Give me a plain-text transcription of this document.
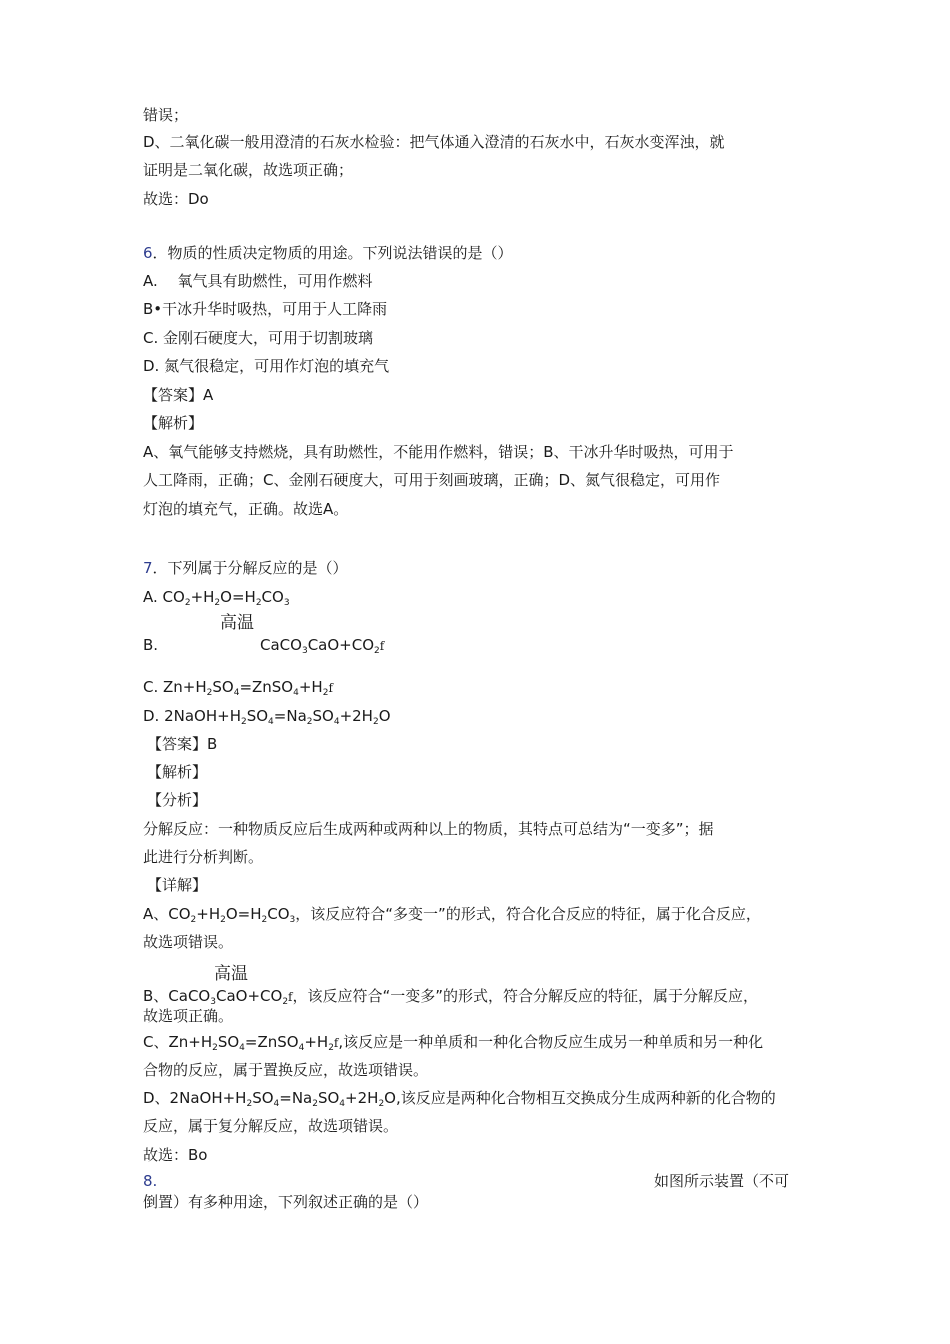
错误；
D、二氧化碳一般用澄清的石灰水检验：把气体通入澄清的石灰水中，石灰水变浑浊，就
证明是二氧化碳，故选项正确；
故选：Do
6．物质的性质决定物质的用途。下列说法错误的是（）
A.　 氧气具有助燃性，可用作燃料
B•干冰升华时吸热，可用于人工降雨
C. 金刚石硬度大，可用于切割玻璃
D. 氮气很稳定，可用作灯泡的填充气
【答案】A
【解析】
A、氧气能够支持燃烧，具有助燃性，不能用作燃料，错误；B、干冰升华时吸热，可用于
人工降雨，正确；C、金刚石硬度大，可用于刻画玻璃，正确；D、氮气很稳定，可用作
灯泡的填充气，正确。故选A。
7．下列属于分解反应的是（）
A. $CO_2+H_2O=H_2CO_3$
高温
B.	$CaCO_3CaO+CO_2f$
C. $Zn+H_2SO_4=ZnSO_4+H_2f$
D. $2NaOH+H_2SO_4=Na_2SO_4+2H_2O$
【答案】B
【解析】
【分析】
分解反应：一种物质反应后生成两种或两种以上的物质，其特点可总结为“一变多”；据
此进行分析判断。
【详解】
A、$CO_2+H_2O=H_2CO_3$，该反应符合“多变一”的形式，符合化合反应的特征，属于化合反应，
故选项错误。
高温
B、$CaCO_3CaO+CO_2f$，该反应符合“一变多”的形式，符合分解反应的特征，属于分解反应，
故选项正确。
C、$Zn+H_2SO_4=ZnSO_4+H_2f$,该反应是一种单质和一种化合物反应生成另一种单质和另一种化
合物的反应，属于置换反应，故选项错误。
D、$2NaOH+H_2SO_4=Na_2SO_4+2H_2O$,该反应是两种化合物相互交换成分生成两种新的化合物的
反应，属于复分解反应，故选项错误。
故选：Bo
8.	如图所示装置（不可
倒置）有多种用途，下列叙述正确的是（）
